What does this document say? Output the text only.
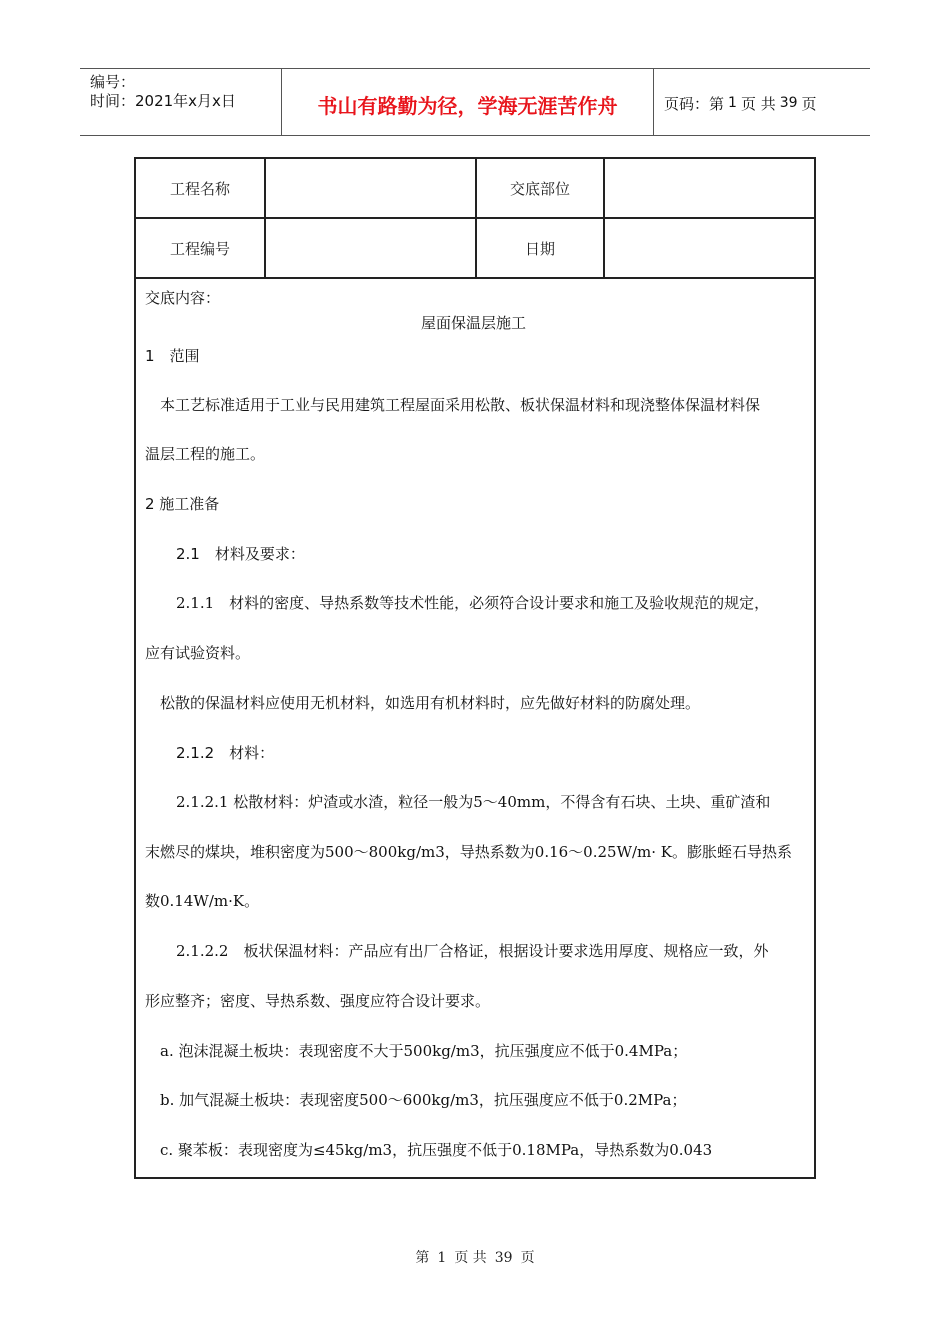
编号：
时间：2021年x月x日	书山有路勤为径，学海无涯苦作舟	页码：第 1 页 共 39 页
工程名称	交底部位
工程编号	日期
交底内容：
屋面保温层施工
1　范围
　本工艺标准适用于工业与民用建筑工程屋面采用松散、板状保温材料和现浇整体保温材料保
温层工程的施工。
2 施工准备
2.1　材料及要求：
2.1.1　材料的密度、导热系数等技术性能，必须符合设计要求和施工及验收规范的规定，
应有试验资料。
　松散的保温材料应使用无机材料，如选用有机材料时，应先做好材料的防腐处理。
2.1.2　材料：
2.1.2.1 松散材料：炉渣或水渣，粒径一般为5～40mm，不得含有石块、土块、重矿渣和
末燃尽的煤块，堆积密度为500～800kg/m3，导热系数为0.16～0.25W/m· K。膨胀蛭石导热系
数0.14W/m·K。
2.1.2.2　板状保温材料：产品应有出厂合格证，根据设计要求选用厚度、规格应一致，外
形应整齐；密度、导热系数、强度应符合设计要求。
　a. 泡沫混凝土板块：表现密度不大于500kg/m3，抗压强度应不低于0.4MPa；
　b. 加气混凝土板块：表现密度500～600kg/m3，抗压强度应不低于0.2MPa；
　c. 聚苯板：表现密度为≤45kg/m3，抗压强度不低于0.18MPa，导热系数为0.043
第 1 页 共 39 页
